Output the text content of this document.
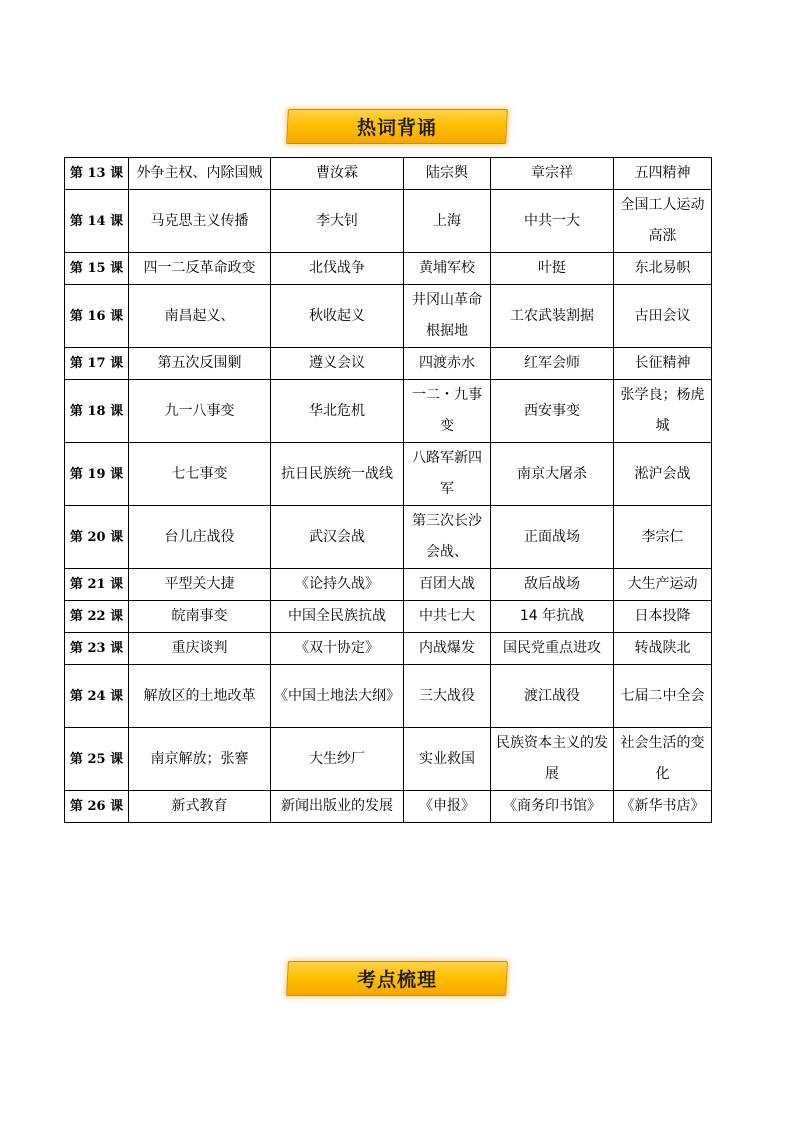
热词背诵
第 13 课	外争主权、内除国贼	曹汝霖	陆宗舆	章宗祥	五四精神
第 14 课	马克思主义传播	李大钊	上海	中共一大	全国工人运动高涨
第 15 课	四一二反革命政变	北伐战争	黄埔军校	叶挺	东北易帜
第 16 课	南昌起义、	秋收起义	井冈山革命根据地	工农武装割据	古田会议
第 17 课	第五次反围剿	遵义会议	四渡赤水	红军会师	长征精神
第 18 课	九一八事变	华北危机	一二・九事变	西安事变	张学良；杨虎城
第 19 课	七七事变	抗日民族统一战线	八路军新四军	南京大屠杀	淞沪会战
第 20 课	台儿庄战役	武汉会战	第三次长沙会战、	正面战场	李宗仁
第 21 课	平型关大捷	《论持久战》	百团大战	敌后战场	大生产运动
第 22 课	皖南事变	中国全民族抗战	中共七大	14 年抗战	日本投降
第 23 课	重庆谈判	《双十协定》	内战爆发	国民党重点进攻	转战陕北
第 24 课	解放区的土地改革	《中国土地法大纲》	三大战役	渡江战役	七届二中全会
第 25 课	南京解放；张謇	大生纱厂	实业救国	民族资本主义的发展	社会生活的变化
第 26 课	新式教育	新闻出版业的发展	《申报》	《商务印书馆》	《新华书店》
考点梳理
